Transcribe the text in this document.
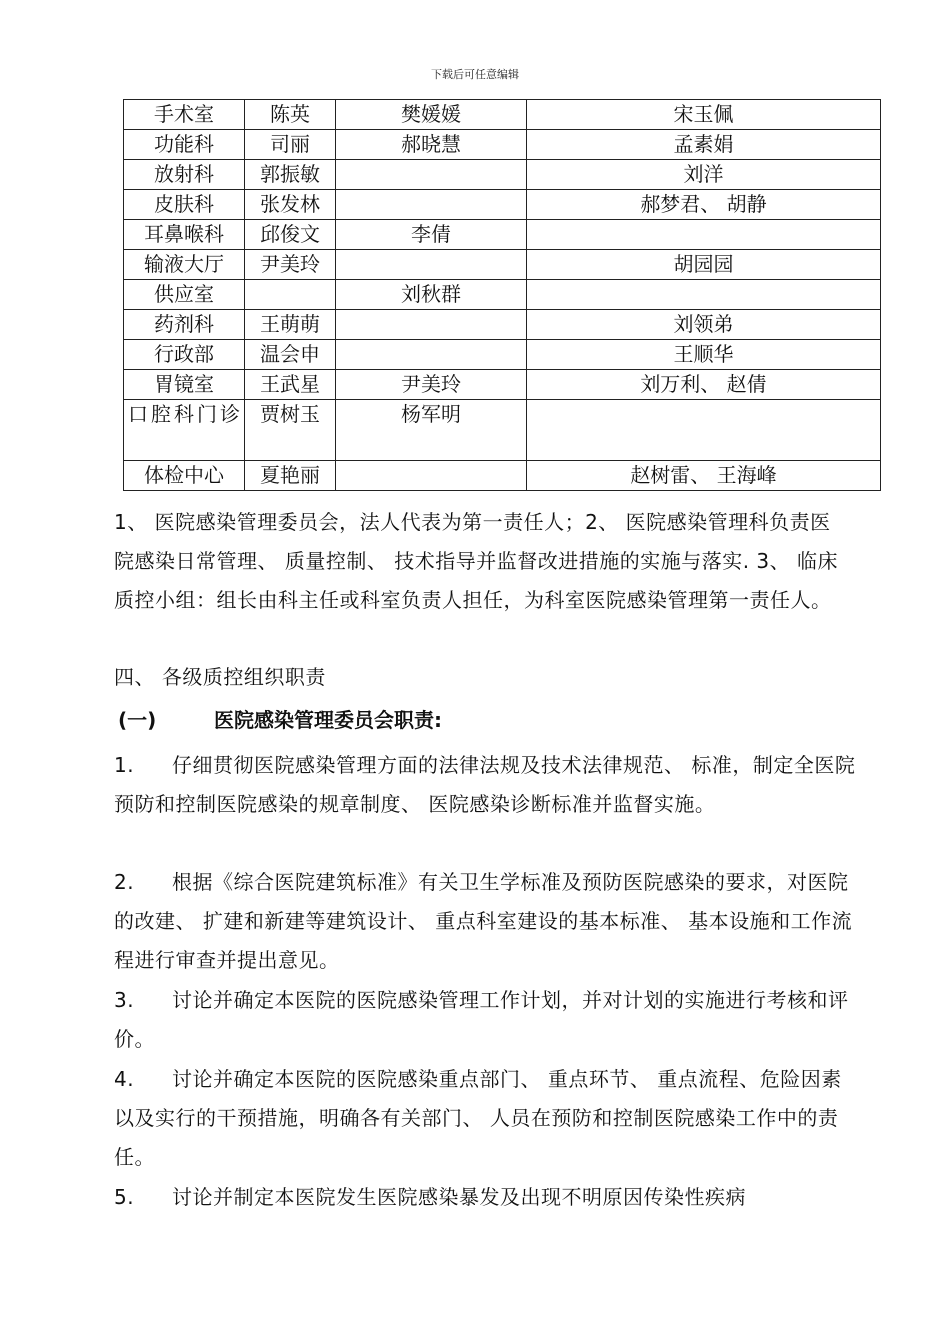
下载后可任意编辑
手术室	陈英	樊媛媛	宋玉佩
功能科	司丽	郝晓慧	孟素娟
放射科	郭振敏		刘洋
皮肤科	张发林		郝梦君、 胡静
耳鼻喉科	邱俊文	李倩	
输液大厅	尹美玲		胡园园
供应室		刘秋群	
药剂科	王萌萌		刘领弟
行政部	温会申		王顺华
胃镜室	王武星	尹美玲	刘万利、 赵倩
口腔科门诊	贾树玉	杨军明	
体检中心	夏艳丽		赵树雷、 王海峰
1、 医院感染管理委员会，法人代表为第一责任人；2、 医院感染管理科负责医院感染日常管理、 质量控制、 技术指导并监督改进措施的实施与落实. 3、 临床质控小组：组长由科主任或科室负责人担任，为科室医院感染管理第一责任人。
四、 各级质控组织职责
(一)	医院感染管理委员会职责:
1. 仔细贯彻医院感染管理方面的法律法规及技术法律规范、 标准，制定全医院预防和控制医院感染的规章制度、 医院感染诊断标准并监督实施。
2. 根据《综合医院建筑标准》有关卫生学标准及预防医院感染的要求，对医院的改建、 扩建和新建等建筑设计、 重点科室建设的基本标准、 基本设施和工作流程进行审查并提出意见。
3. 讨论并确定本医院的医院感染管理工作计划，并对计划的实施进行考核和评价。
4. 讨论并确定本医院的医院感染重点部门、 重点环节、 重点流程、危险因素以及实行的干预措施，明确各有关部门、 人员在预防和控制医院感染工作中的责任。
5. 讨论并制定本医院发生医院感染暴发及出现不明原因传染性疾病
